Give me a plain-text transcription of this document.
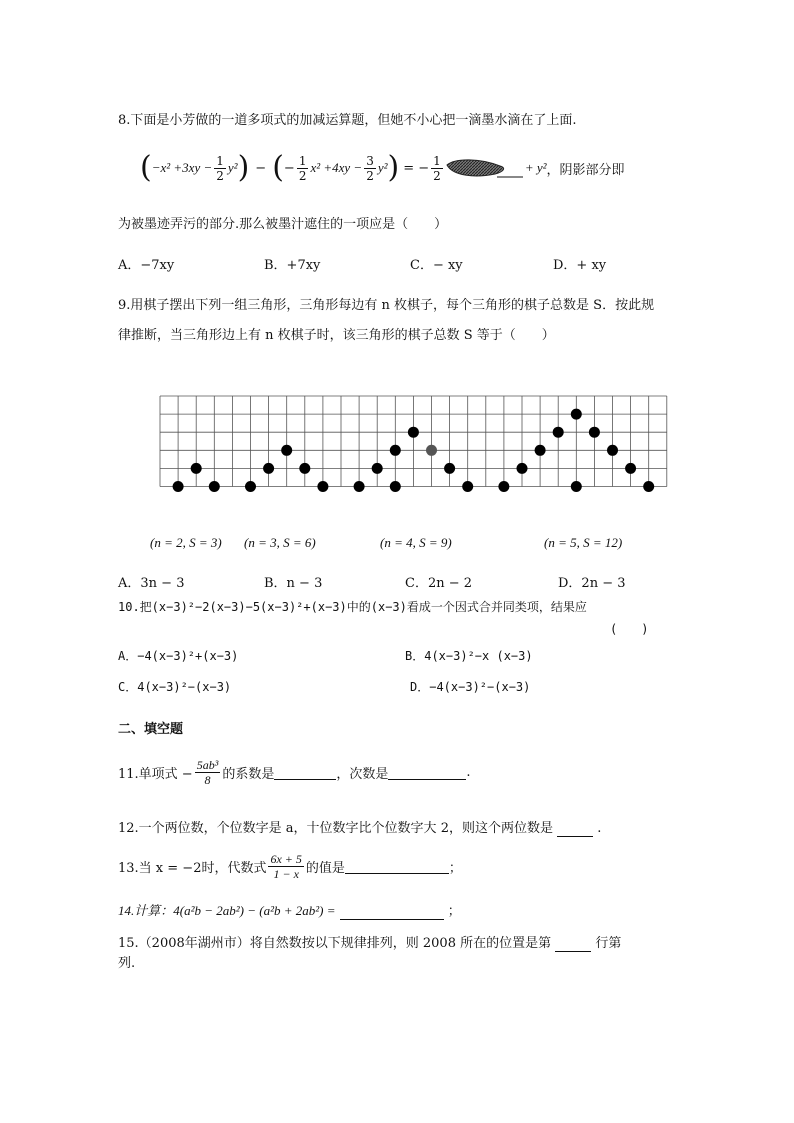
8.下面是小芳做的一道多项式的加减运算题，但她不小心把一滴墨水滴在了上面.
( $-x^2 +3xy - \frac{1}{2} y^2$ ) − ( − $\frac{1}{2} x^2 +4xy - \frac{3}{2} y^2$ ) = − $\frac{1}{2}$	+ y² ，阴影部分即
为被墨迹弄污的部分.那么被墨汁遮住的一项应是（　　）
A．−7xy	B．+7xy	C．− xy	D．+ xy
9.用棋子摆出下列一组三角形，三角形每边有 n 枚棋子，每个三角形的棋子总数是 S．按此规
律推断，当三角形边上有 n 枚棋子时，该三角形的棋子总数 S 等于（　　）
(n = 2, S = 3) (n = 3, S = 6)	(n = 4, S = 9)	(n = 5, S = 12)
A．3n − 3	B．n − 3	C．2n − 2	D．2n − 3
10.把(x−3)²−2(x−3)−5(x−3)²+(x−3)中的(x−3)看成一个因式合并同类项，结果应
(　　)
A．−4(x−3)²+(x−3)	B．4(x−3)²−x (x−3)
C．4(x−3)²−(x−3)	D．−4(x−3)²−(x−3)
二、填空题
11.单项式 − $\frac{\text{5ab³}}{8}$ 的系数是
	，次数是
	.
12.一个两位数，个位数字是 a，十位数字比个位数字大 2，则这个两位数是	.
13.当 x = −2时，代数式 $\frac{6x + 5}{1 - x}$ 的值是
	；
14.计算：4(a²b − 2ab²) − (a²b + 2ab²) =	；
15.（2008年湖州市）将自然数按以下规律排列，则 2008 所在的位置是第	行第
列.
